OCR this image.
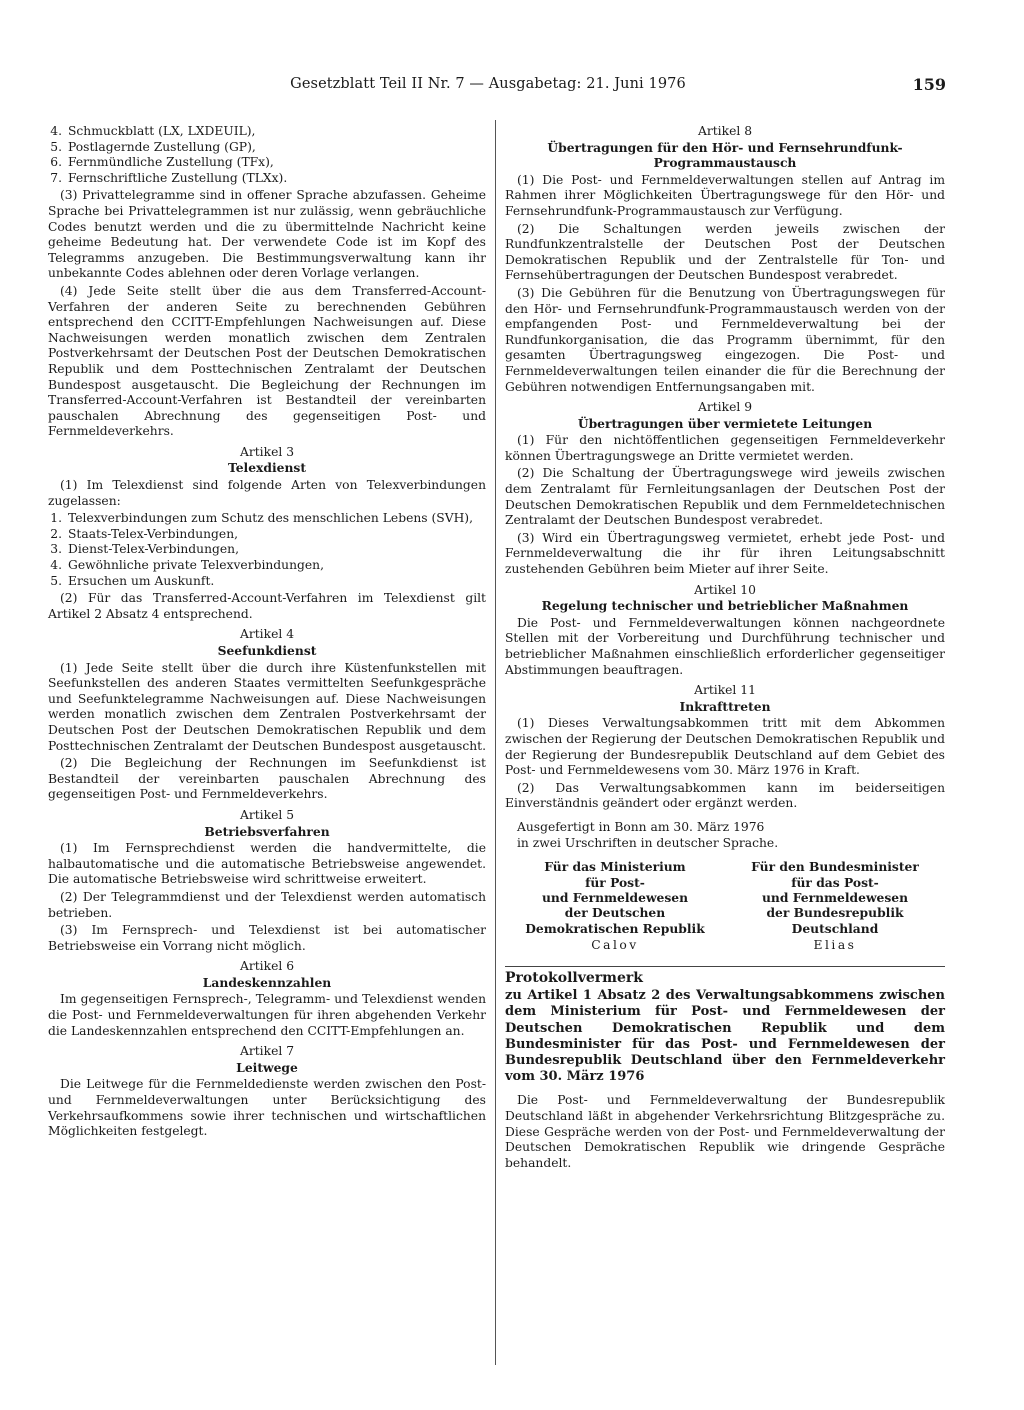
Gesetzblatt Teil II Nr. 7 — Ausgabetag: 21. Juni 1976	159
4. Schmuckblatt (LX, LXDEUIL),
5. Postlagernde Zustellung (GP),
6. Fernmündliche Zustellung (TFx),
7. Fernschriftliche Zustellung (TLXx).

(3) Privattelegramme sind in offener Sprache abzufassen. Geheime Sprache bei Privattelegrammen ist nur zulässig, wenn gebräuchliche Codes benutzt werden und die zu übermittelnde Nachricht keine geheime Bedeutung hat. Der verwendete Code ist im Kopf des Telegramms anzugeben. Die Bestimmungsverwaltung kann ihr unbekannte Codes ablehnen oder deren Vorlage verlangen.

(4) Jede Seite stellt über die aus dem Transferred-Account-Verfahren der anderen Seite zu berechnenden Gebühren entsprechend den CCITT-Empfehlungen Nachweisungen auf. Diese Nachweisungen werden monatlich zwischen dem Zentralen Postverkehrsamt der Deutschen Post der Deutschen Demokratischen Republik und dem Posttechnischen Zentralamt der Deutschen Bundespost ausgetauscht. Die Begleichung der Rechnungen im Transferred-Account-Verfahren ist Bestandteil der vereinbarten pauschalen Abrechnung des gegenseitigen Post- und Fernmeldeverkehrs.

Artikel 3
Telexdienst

(1) Im Telexdienst sind folgende Arten von Telexverbindungen zugelassen:

1. Telexverbindungen zum Schutz des menschlichen Lebens (SVH),
2. Staats-Telex-Verbindungen,
3. Dienst-Telex-Verbindungen,
4. Gewöhnliche private Telexverbindungen,
5. Ersuchen um Auskunft.

(2) Für das Transferred-Account-Verfahren im Telexdienst gilt Artikel 2 Absatz 4 entsprechend.

Artikel 4
Seefunkdienst

(1) Jede Seite stellt über die durch ihre Küstenfunkstellen mit Seefunkstellen des anderen Staates vermittelten Seefunkgespräche und Seefunktelegramme Nachweisungen auf. Diese Nachweisungen werden monatlich zwischen dem Zentralen Postverkehrsamt der Deutschen Post der Deutschen Demokratischen Republik und dem Posttechnischen Zentralamt der Deutschen Bundespost ausgetauscht.

(2) Die Begleichung der Rechnungen im Seefunkdienst ist Bestandteil der vereinbarten pauschalen Abrechnung des gegenseitigen Post- und Fernmeldeverkehrs.

Artikel 5
Betriebsverfahren

(1) Im Fernsprechdienst werden die handvermittelte, die halbautomatische und die automatische Betriebsweise angewendet. Die automatische Betriebsweise wird schrittweise erweitert.

(2) Der Telegrammdienst und der Telexdienst werden automatisch betrieben.

(3) Im Fernsprech- und Telexdienst ist bei automatischer Betriebsweise ein Vorrang nicht möglich.

Artikel 6
Landeskennzahlen

Im gegenseitigen Fernsprech-, Telegramm- und Telexdienst wenden die Post- und Fernmeldeverwaltungen für ihren abgehenden Verkehr die Landeskennzahlen entsprechend den CCITT-Empfehlungen an.

Artikel 7
Leitwege

Die Leitwege für die Fernmeldedienste werden zwischen den Post- und Fernmeldeverwaltungen unter Berücksichtigung des Verkehrsaufkommens sowie ihrer technischen und wirtschaftlichen Möglichkeiten festgelegt.

Artikel 8
Übertragungen für den Hör- und Fernsehrundfunk-Programmaustausch

(1) Die Post- und Fernmeldeverwaltungen stellen auf Antrag im Rahmen ihrer Möglichkeiten Übertragungswege für den Hör- und Fernsehrundfunk-Programmaustausch zur Verfügung.

(2) Die Schaltungen werden jeweils zwischen der Rundfunkzentralstelle der Deutschen Post der Deutschen Demokratischen Republik und der Zentralstelle für Ton- und Fernsehübertragungen der Deutschen Bundespost verabredet.

(3) Die Gebühren für die Benutzung von Übertragungswegen für den Hör- und Fernsehrundfunk-Programmaustausch werden von der empfangenden Post- und Fernmeldeverwaltung bei der Rundfunkorganisation, die das Programm übernimmt, für den gesamten Übertragungsweg eingezogen. Die Post- und Fernmeldeverwaltungen teilen einander die für die Berechnung der Gebühren notwendigen Entfernungsangaben mit.

Artikel 9
Übertragungen über vermietete Leitungen

(1) Für den nichtöffentlichen gegenseitigen Fernmeldeverkehr können Übertragungswege an Dritte vermietet werden.

(2) Die Schaltung der Übertragungswege wird jeweils zwischen dem Zentralamt für Fernleitungsanlagen der Deutschen Post der Deutschen Demokratischen Republik und dem Fernmeldetechnischen Zentralamt der Deutschen Bundespost verabredet.

(3) Wird ein Übertragungsweg vermietet, erhebt jede Post- und Fernmeldeverwaltung die ihr für ihren Leitungsabschnitt zustehenden Gebühren beim Mieter auf ihrer Seite.

Artikel 10
Regelung technischer und betrieblicher Maßnahmen

Die Post- und Fernmeldeverwaltungen können nachgeordnete Stellen mit der Vorbereitung und Durchführung technischer und betrieblicher Maßnahmen einschließlich erforderlicher gegenseitiger Abstimmungen beauftragen.

Artikel 11
Inkrafttreten

(1) Dieses Verwaltungsabkommen tritt mit dem Abkommen zwischen der Regierung der Deutschen Demokratischen Republik und der Regierung der Bundesrepublik Deutschland auf dem Gebiet des Post- und Fernmeldewesens vom 30. März 1976 in Kraft.

(2) Das Verwaltungsabkommen kann im beiderseitigen Einverständnis geändert oder ergänzt werden.

Ausgefertigt in Bonn am 30. März 1976
in zwei Urschriften in deutscher Sprache.
Für das Ministerium
für Post-
und Fernmeldewesen
der Deutschen
Demokratischen Republik
Calov
Für den Bundesminister
für das Post-
und Fernmeldewesen
der Bundesrepublik
Deutschland
Elias
Protokollvermerk
zu Artikel 1 Absatz 2 des Verwaltungsabkommens zwischen dem Ministerium für Post- und Fernmeldewesen der Deutschen Demokratischen Republik und dem Bundesminister für das Post- und Fernmeldewesen der Bundesrepublik Deutschland über den Fernmeldeverkehr vom 30. März 1976

Die Post- und Fernmeldeverwaltung der Bundesrepublik Deutschland läßt in abgehender Verkehrsrichtung Blitzgespräche zu. Diese Gespräche werden von der Post- und Fernmeldeverwaltung der Deutschen Demokratischen Republik wie dringende Gespräche behandelt.
